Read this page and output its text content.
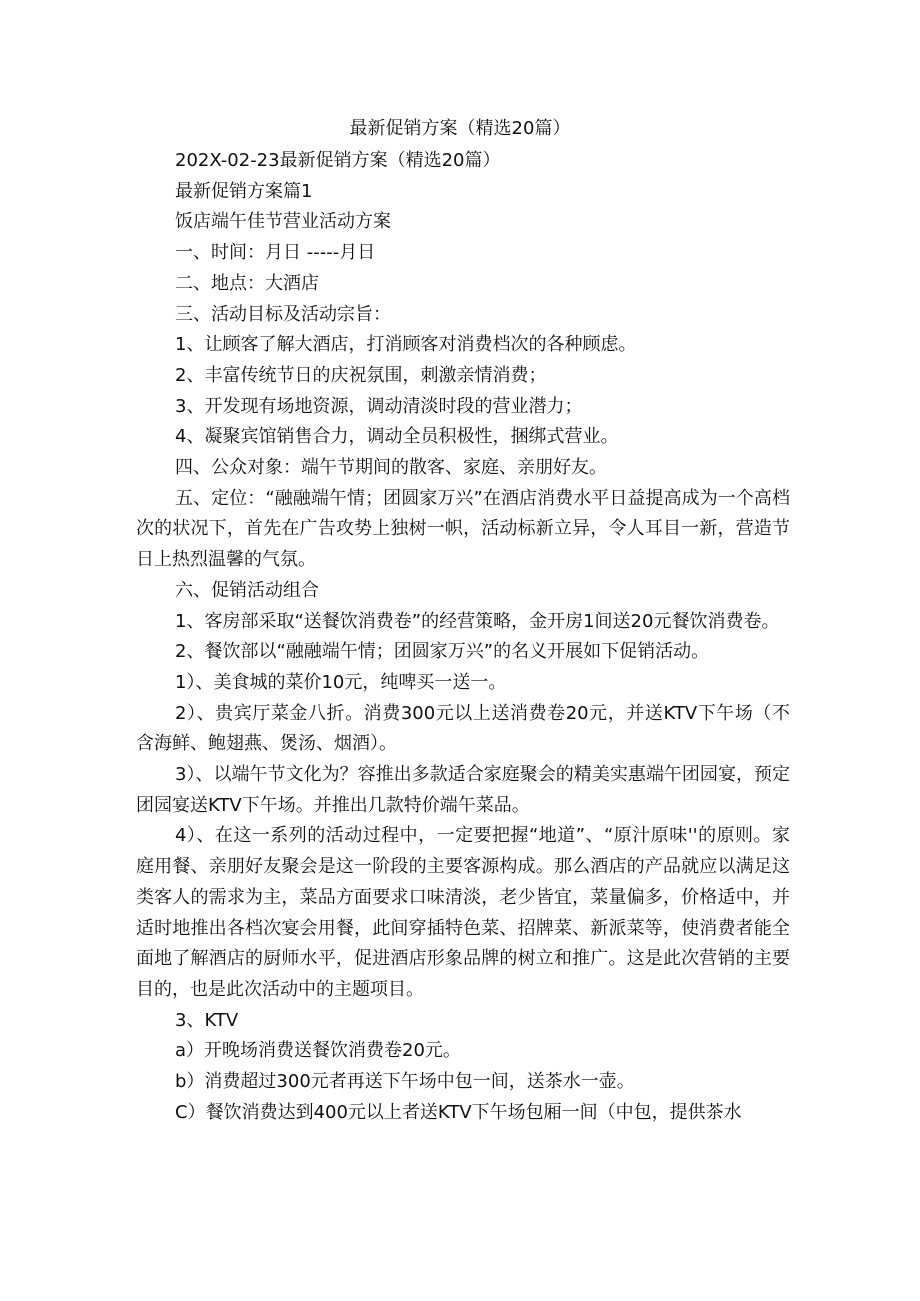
最新促销方案（精选20篇）

202X-02-23最新促销方案（精选20篇）

最新促销方案篇1

饭店端午佳节营业活动方案

一、时间：月日 -----月日

二、地点：大酒店

三、活动目标及活动宗旨：

1、让顾客了解大酒店，打消顾客对消费档次的各种顾虑。

2、丰富传统节日的庆祝氛围，刺激亲情消费；

3、开发现有场地资源，调动清淡时段的营业潜力；

4、凝聚宾馆销售合力，调动全员积极性，捆绑式营业。

四、公众对象：端午节期间的散客、家庭、亲朋好友。

五、定位：“融融端午情；团圆家万兴”在酒店消费水平日益提高成为一个高档次的状况下，首先在广告攻势上独树一帜，活动标新立异，令人耳目一新，营造节日上热烈温馨的气氛。

六、促销活动组合

1、客房部采取“送餐饮消费卷”的经营策略，金开房1间送20元餐饮消费卷。

2、餐饮部以“融融端午情；团圆家万兴”的名义开展如下促销活动。

1）、美食城的菜价10元，纯啤买一送一。

2）、贵宾厅菜金八折。消费300元以上送消费卷20元，并送KTV下午场（不含海鲜、鲍翅燕、煲汤、烟酒）。

3）、以端午节文化为？容推出多款适合家庭聚会的精美实惠端午团园宴，预定团园宴送KTV下午场。并推出几款特价端午菜品。

4）、在这一系列的活动过程中，一定要把握“地道”、“原汁原味''的原则。家庭用餐、亲朋好友聚会是这一阶段的主要客源构成。那么酒店的产品就应以满足这类客人的需求为主，菜品方面要求口味清淡，老少皆宜，菜量偏多，价格适中，并适时地推出各档次宴会用餐，此间穿插特色菜、招牌菜、新派菜等，使消费者能全面地了解酒店的厨师水平，促进酒店形象品牌的树立和推广。这是此次营销的主要目的，也是此次活动中的主题项目。

3、KTV

a）开晚场消费送餐饮消费卷20元。

b）消费超过300元者再送下午场中包一间，送茶水一壶。

C）餐饮消费达到400元以上者送KTV下午场包厢一间（中包，提供茶水
